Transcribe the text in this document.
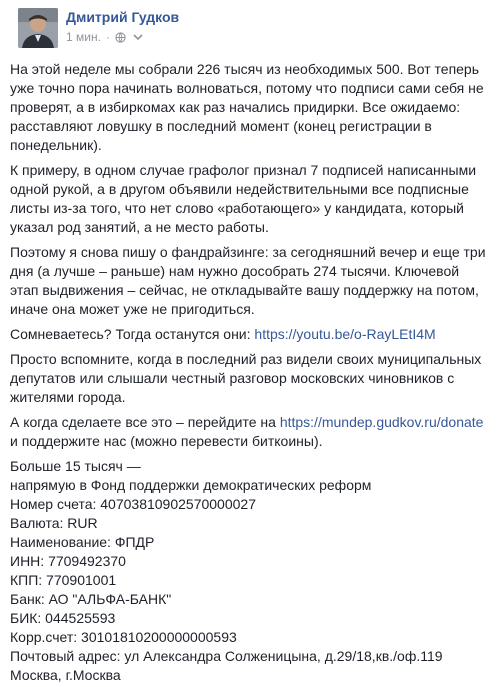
Дмитрий Гудков
1 мин. ·

На этой неделе мы собрали 226 тысяч из необходимых 500. Вот теперь уже точно пора начинать волноваться, потому что подписи сами себя не проверят, а в избиркомах как раз начались придирки. Все ожидаемо: расставляют ловушку в последний момент (конец регистрации в понедельник).

К примеру, в одном случае графолог признал 7 подписей написанными одной рукой, а в другом объявили недействительными все подписные листы из-за того, что нет слово «работающего» у кандидата, который указал род занятий, а не место работы.

Поэтому я снова пишу о фандрайзинге: за сегодняшний вечер и еще три дня (а лучше – раньше) нам нужно дособрать 274 тысячи. Ключевой этап выдвижения – сейчас, не откладывайте вашу поддержку на потом, иначе она может уже не пригодиться.

Сомневаетесь? Тогда останутся они: https://youtu.be/o-RayLEtI4M

Просто вспомните, когда в последний раз видели своих муниципальных депутатов или слышали честный разговор московских чиновников с жителями города.

А когда сделаете все это – перейдите на https://mundep.gudkov.ru/donate и поддержите нас (можно перевести биткоины).

Больше 15 тысяч —
напрямую в Фонд поддержки демократических реформ
Номер счета: 40703810902570000027
Валюта: RUR
Наименование: ФПДР
ИНН: 7709492370
КПП: 770901001
Банк: АО "АЛЬФА-БАНК"
БИК: 044525593
Корр.счет: 30101810200000000593
Почтовый адрес: ул Александра Солженицына, д.29/18,кв./оф.119
Москва, г.Москва
